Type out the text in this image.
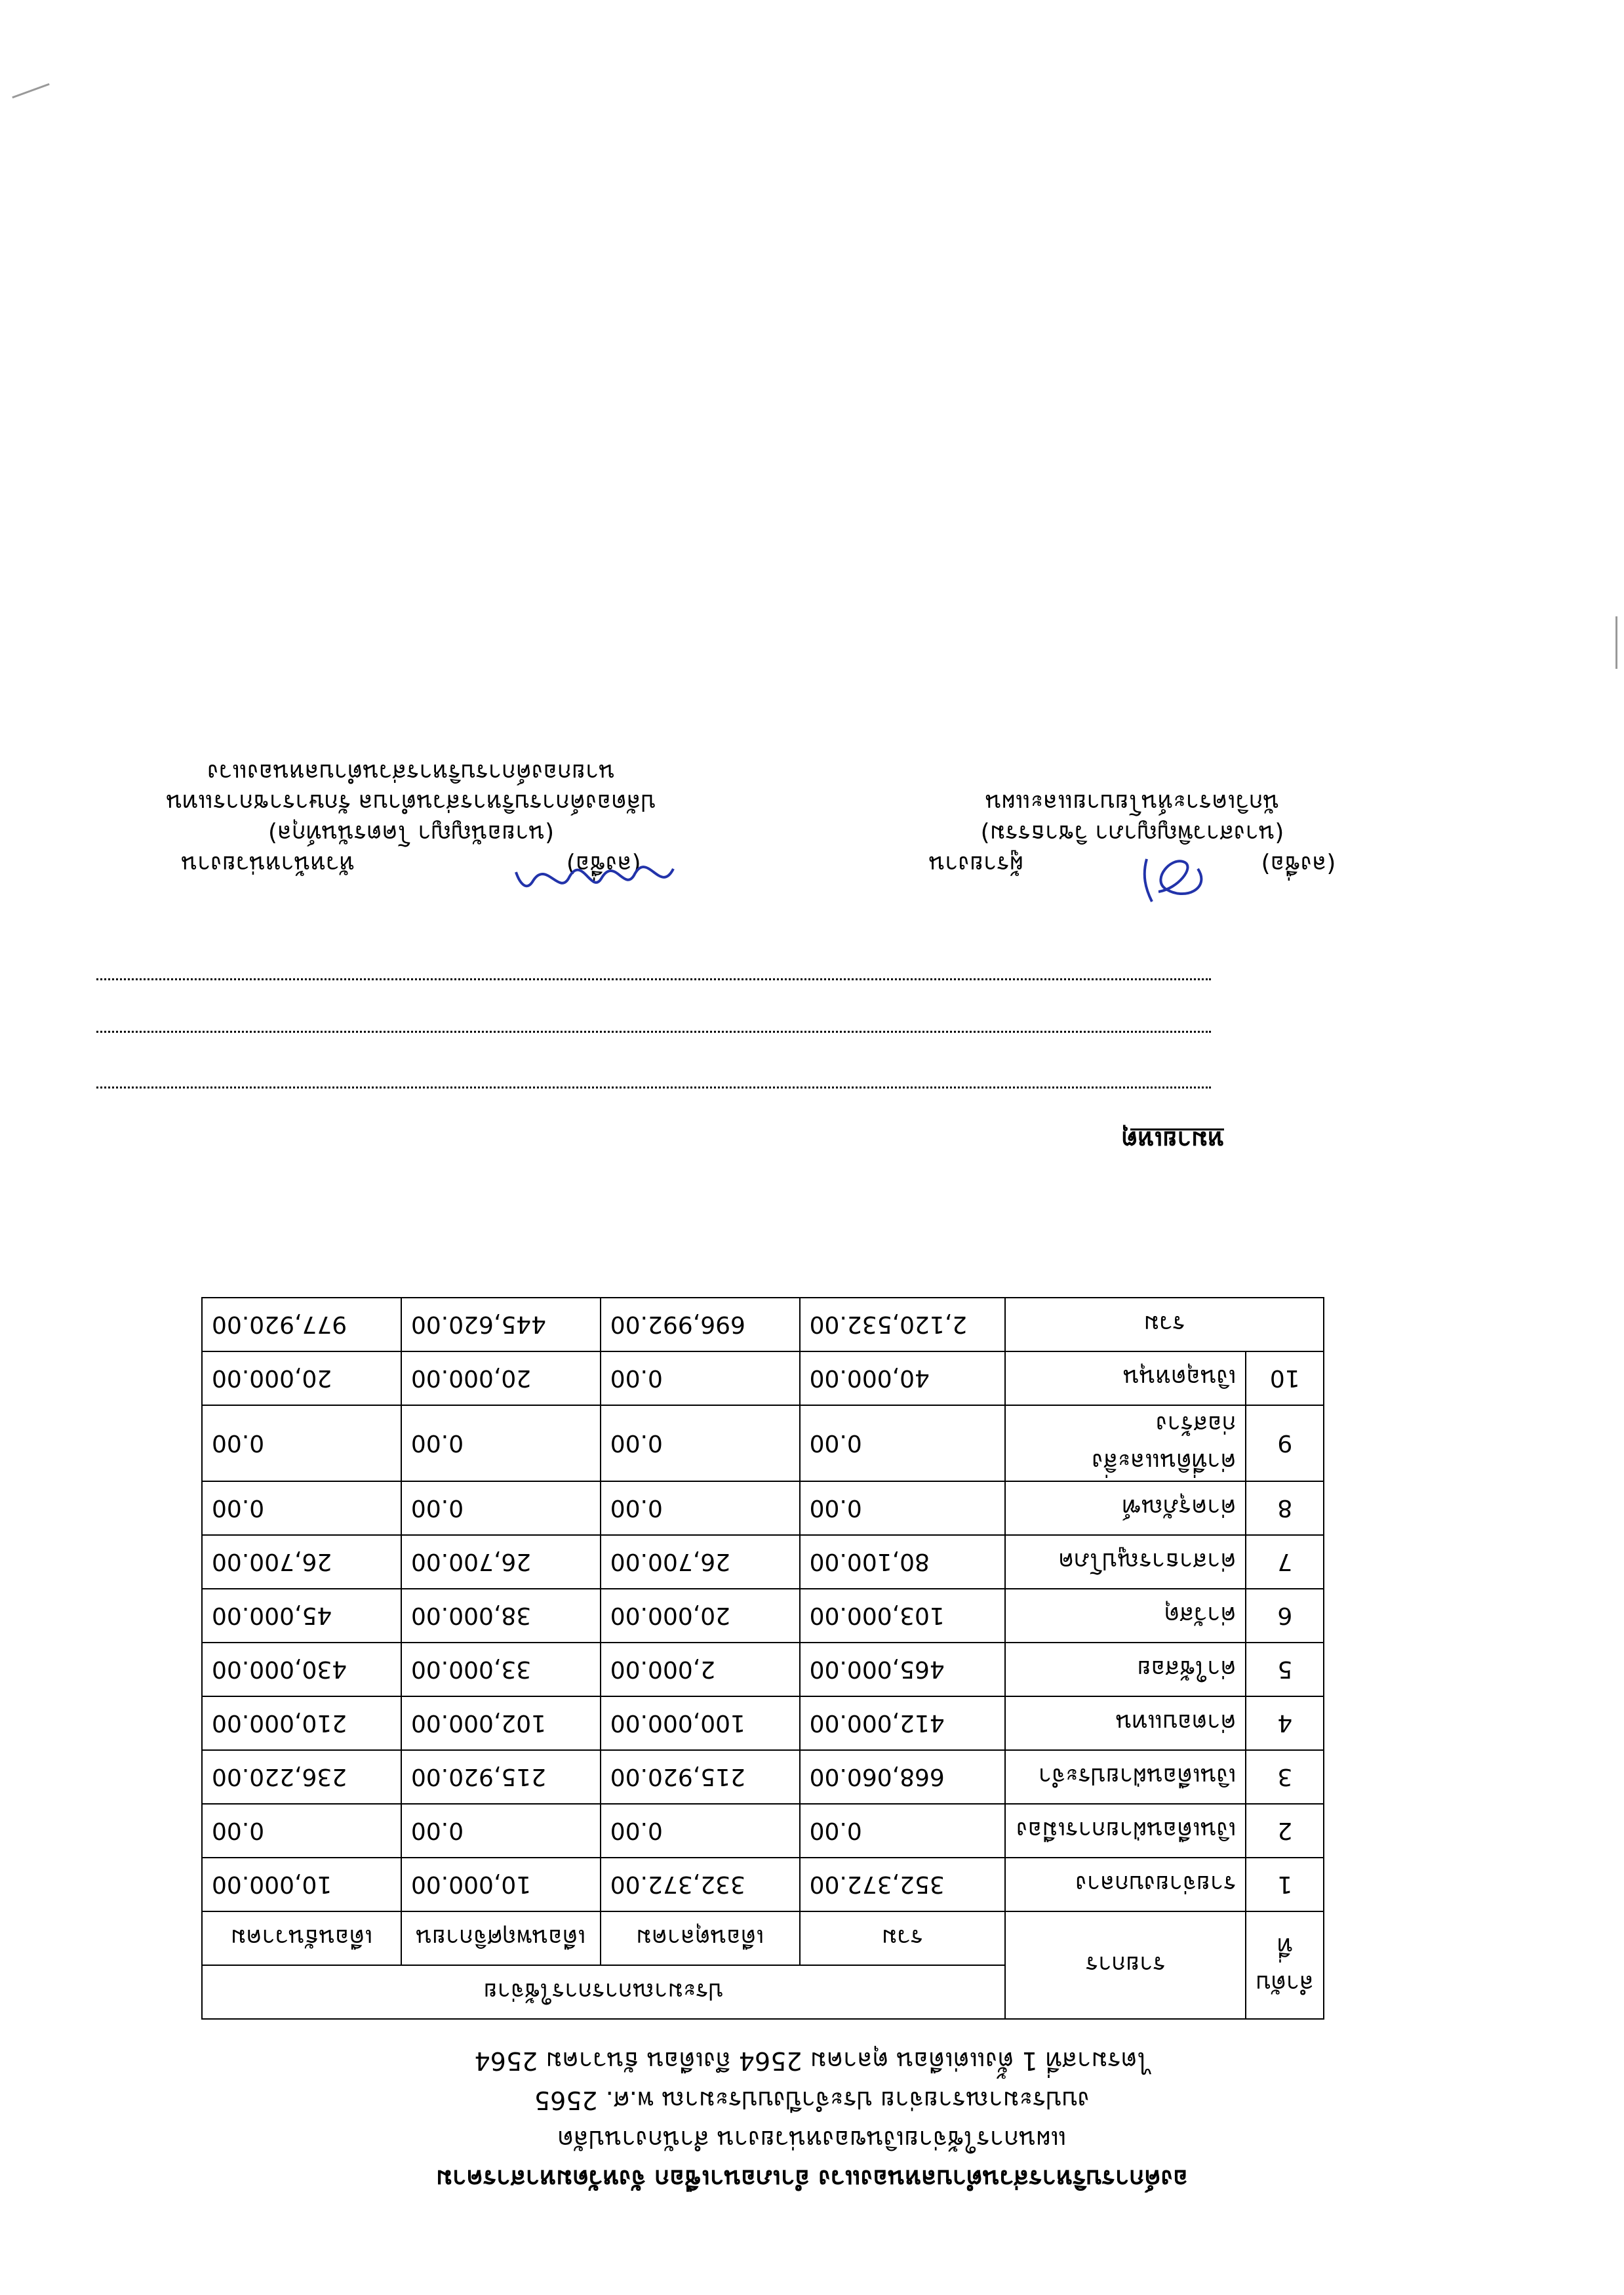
องค์การบริหารส่วนตำบลหนองแวง อำเภอนาเชือก จังหวัดมหาสารคาม
แผนการใช้จ่ายเงินของหน่วยงาน สำนักงานปลัด
งบประมาณรายจ่าย ประจำปีงบประมาณ พ.ศ. 2565
ไตรมาสที่ 1 ตั้งแต่เดือน ตุลาคม 2564 ถึงเดือน ธันวาคม 2564
ลำดับที่	รายการ	ประมาณการการใช้จ่าย			
		รวม	เดือนตุลาคม	เดือนพฤศจิกายน	เดือนธันวาคม
1	รายจ่ายงบกลาง	352,372.00	332,372.00	10,000.00	10,000.00
2	เงินเดือนฝ่ายการเมือง	0.00	0.00	0.00	0.00
3	เงินเดือนฝ่ายประจำ	668,060.00	215,920.00	215,920.00	236,220.00
4	ค่าตอบแทน	412,000.00	100,000.00	102,000.00	210,000.00
5	ค่าใช้สอย	465,000.00	2,000.00	33,000.00	430,000.00
6	ค่าวัสดุ	103,000.00	20,000.00	38,000.00	45,000.00
7	ค่าสาธารณูปโภค	80,100.00	26,700.00	26,700.00	26,700.00
8	ค่าครุภัณฑ์	0.00	0.00	0.00	0.00
9	ค่าที่ดินและสิ่งก่อสร้าง	0.00	0.00	0.00	0.00
10	เงินอุดหนุน	40,000.00	0.00	20,000.00	20,000.00
รวม		2,120,532.00	696,992.00	445,620.00	977,920.00
หมายเหตุ
(ลงชื่อ)
ผู้รายงาน
(นางสาวพิญญาภา วิชาธรรม)
นักวิเคราะห์นโยบายและแผน
(ลงชื่อ)
หัวหน้าหน่วยงาน
(นายอนัญญา โคตรนันท์กุล)
ปลัดองค์การบริหารส่วนตำบล รักษาราชการแทน
นายกองค์การบริหารส่วนตำบลหนองแวง
